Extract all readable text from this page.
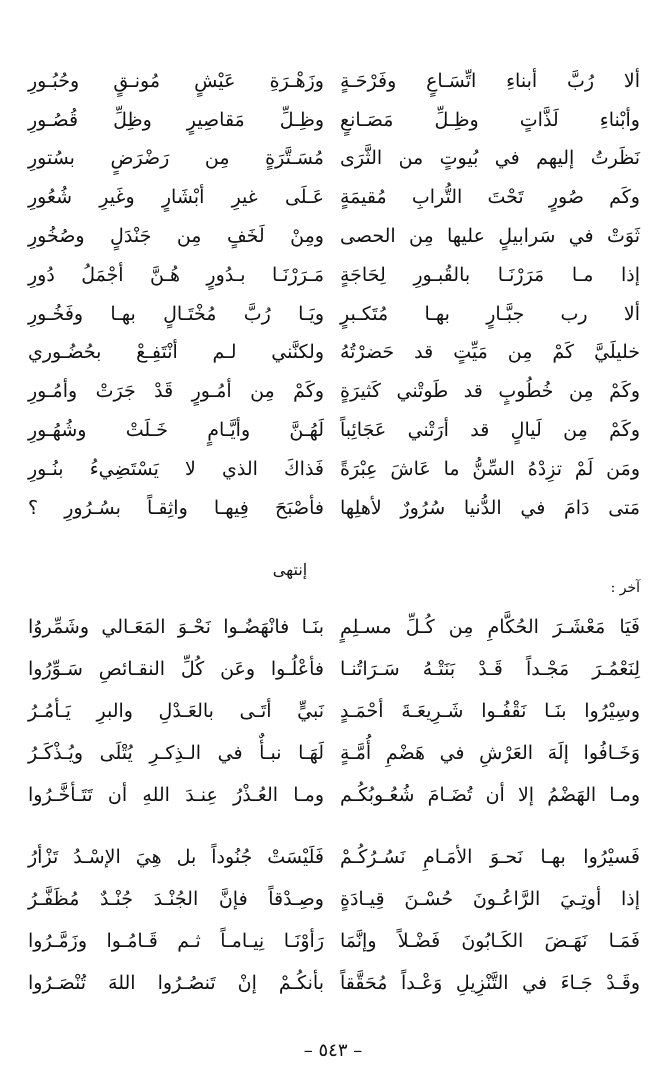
ألا رُبَّ أبناءِ اتِّسَـاعٍ وفَرْحَـةٍ
وزَهْـرَةِ عَيْشٍ مُونـقٍ وحُبُـورِ
وأبْناءِ لَذَّاتٍ وظِـلِّ مَصَـانعٍ
وظِـلِّ مَقاصِيرٍ وظِلِّ قُصُـورِ
نَظَرتُ إليهم في بُيوتٍ من الثَّرَى
مُسَـتَّرَةٍ مِن رَضْرَضٍ بسُتورِ
وكَم صُورٍ تَحْتَ التُّرابِ مُقيمَةٍ
عَـلَى غيرِ أبْشَارٍ وغَيرِ شُعُورِ
ثَوَتْ في سَرابيلٍ عليها مِن الحصى
ومِنْ لَخَفٍ مِن جَنْدَلٍ وصُخُورِ
إذا مـا مَرَرْنَـا بالقُبـورِ لِحَاجَةٍ
مَـرَرْنَـا بـدُورٍ هُـنَّ أجْمَلُ دُورِ
ألا رب جبَّـارٍ بهـا مُتَكـبرٍ
ويَـا رُبَّ مُخْتَـالٍ بهـا وفَخُـورِ
خليلَيَّ كَمْ مِن مَيِّتٍ قد حَضرْتُهُ
ولكنَّني لـم أنْتَفِـعْ بحُضُـوري
وكَمْ مِن خُطُوبٍ قد طَوتْني كَثيرَةٍ
وكَمْ مِن أمُـورٍ قَدْ جَرَتْ وأمُـورِ
وكَمْ مِن لَيالٍ قد أرَتْني عَجَائِباً
لَهُـنَّ وأيَّـامٍ خَـلَتْ وشُهُـورِ
ومَن لَمْ تزِدْهُ السِّنُّ ما عَاشَ عِبْرَةً
فَذاكَ الذي لا يَسْتَضِيءُ بنُـورِ
مَتى دَامَ في الدُّنيا سُرُورٌ لأهلِها
فأصْبَحَ فِيهـا واثِقـاً بسُـرُورِ ؟
إنتهى
آخر :
فَيَا مَعْشَـرَ الحُكَّامِ مِن كُـلِّ مسـلِمٍ
بنَـا فانْهَضُـوا نَحْـوَ المَعَـالي وشَمِّروُا
لِنَعْمُـرَ مَجْـداً قَـدْ بَنَتْـهُ سَـرَاتُنـا
فأعْلُـوا وعَن كُلِّ النقـائصِ سَـوِّرُوا
وسِيْرُوا بنَـا نَقْفُـوا شَـرِيعَـةَ أحْمَـدٍ
نَبيٍّ أتَـى بالعَـدْلِ والبرِ يَـأمُـرُ
وَخَـافُوا إلَهَ العَرْشِ في هَضْمِ أُمَّـةٍ
لَهَـا نبـأٌ في الـذِكـرِ يُتْلَى ويُـذْكَـرُ
ومـا الهَضْمُ إلا أن تُضَـامَ شُعُـوبُكُـم
ومـا العُـذْرُ عِنـدَ اللهِ أن تَتَـأخَّـرُوا
فَسيْرُوا بهـا نَحـوَ الأمَـامِ نَسُـرُكُـمْ
فَلَيْسَتْ جُنُوداً بل هِيَ الإسْـدُ تَزْأرُ
إذا أوتِـيَ الرَّاعُـونَ حُسْـنَ قِيـادَةٍ
وصِـدْقاً فإنَّ الجُنْـدَ جُنْـدٌ مُظَفَّـرُ
فَمَـا نَهَـضَ الكَـابُونَ فَضْـلاً وإنَّمَا
رَأوْنَـا نِيـامـاً ثـم قَـامُـوا وزَمَّـرُوا
وقَـدْ جَـاءَ في التَّنْزِيلِ وَعْـداً مُحَقَّقاً
بأنكُـمْ إنْ تَنصُـرُوا اللهَ تُنْصَـرُوا
– ٥٤٣ –
